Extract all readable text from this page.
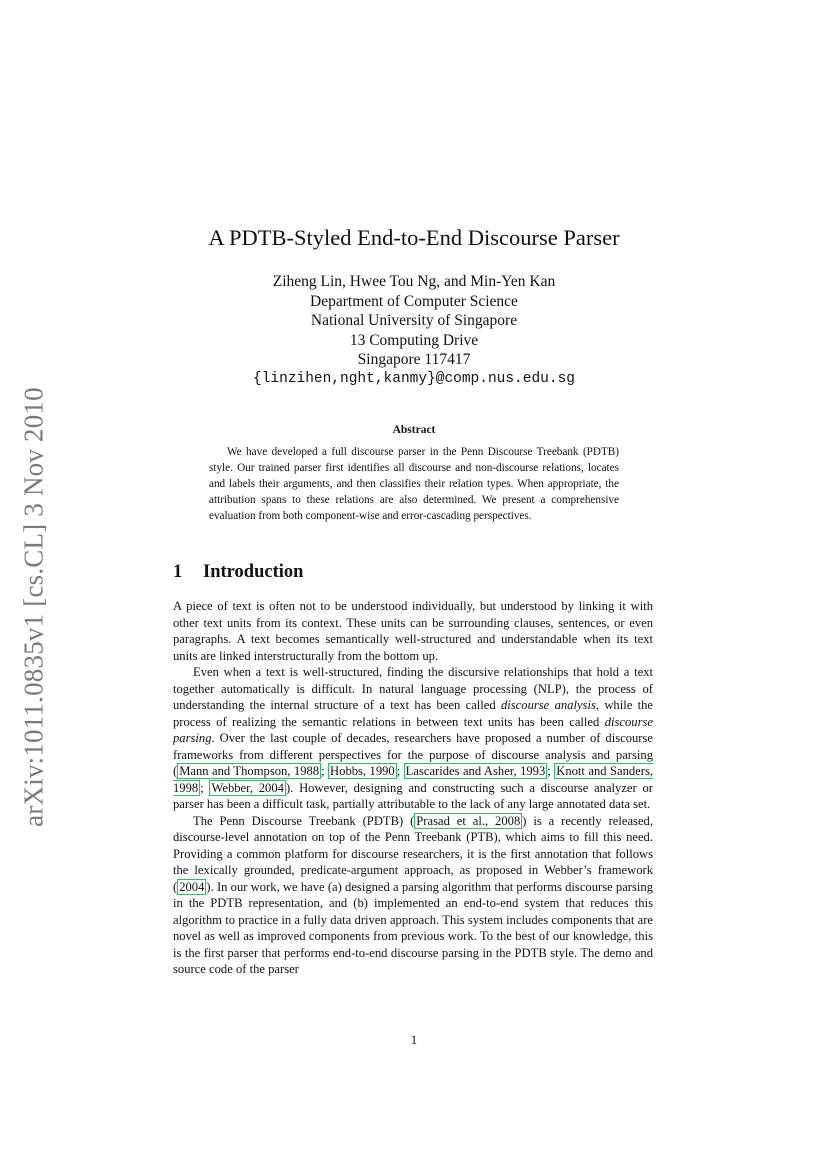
arXiv:1011.0835v1 [cs.CL] 3 Nov 2010
A PDTB-Styled End-to-End Discourse Parser
Ziheng Lin, Hwee Tou Ng, and Min-Yen Kan
Department of Computer Science
National University of Singapore
13 Computing Drive
Singapore 117417
{linzihen,nght,kanmy}@comp.nus.edu.sg
Abstract
We have developed a full discourse parser in the Penn Discourse Treebank (PDTB) style. Our trained parser first identifies all discourse and non-discourse relations, locates and labels their arguments, and then classifies their relation types. When appropriate, the attribution spans to these relations are also determined. We present a comprehensive evaluation from both component-wise and error-cascading perspectives.
1 Introduction

A piece of text is often not to be understood individually, but understood by linking it with other text units from its context. These units can be surrounding clauses, sentences, or even paragraphs. A text becomes semantically well-structured and understandable when its text units are linked interstructurally from the bottom up.

Even when a text is well-structured, finding the discursive relationships that hold a text together automatically is difficult. In natural language processing (NLP), the process of understanding the internal structure of a text has been called discourse analysis, while the process of realizing the semantic relations in between text units has been called discourse parsing. Over the last couple of decades, researchers have proposed a number of discourse frameworks from different perspectives for the purpose of discourse analysis and parsing ( Mann and Thompson, 1988 ; Hobbs, 1990 ; Lascarides and Asher, 1993 ; Knott and Sanders, 1998 ; Webber, 2004 ). However, designing and constructing such a discourse analyzer or parser has been a difficult task, partially attributable to the lack of any large annotated data set.

The Penn Discourse Treebank (PDTB) ( Prasad et al., 2008 ) is a recently released, discourse-level annotation on top of the Penn Treebank (PTB), which aims to fill this need. Providing a common platform for discourse researchers, it is the first annotation that follows the lexically grounded, predicate-argument approach, as proposed in Webber’s framework ( 2004 ). In our work, we have (a) designed a parsing algorithm that performs discourse parsing in the PDTB representation, and (b) implemented an end-to-end system that reduces this algorithm to practice in a fully data driven approach. This system includes components that are novel as well as improved components from previous work. To the best of our knowledge, this is the first parser that performs end-to-end discourse parsing in the PDTB style. The demo and source code of the parser

1
